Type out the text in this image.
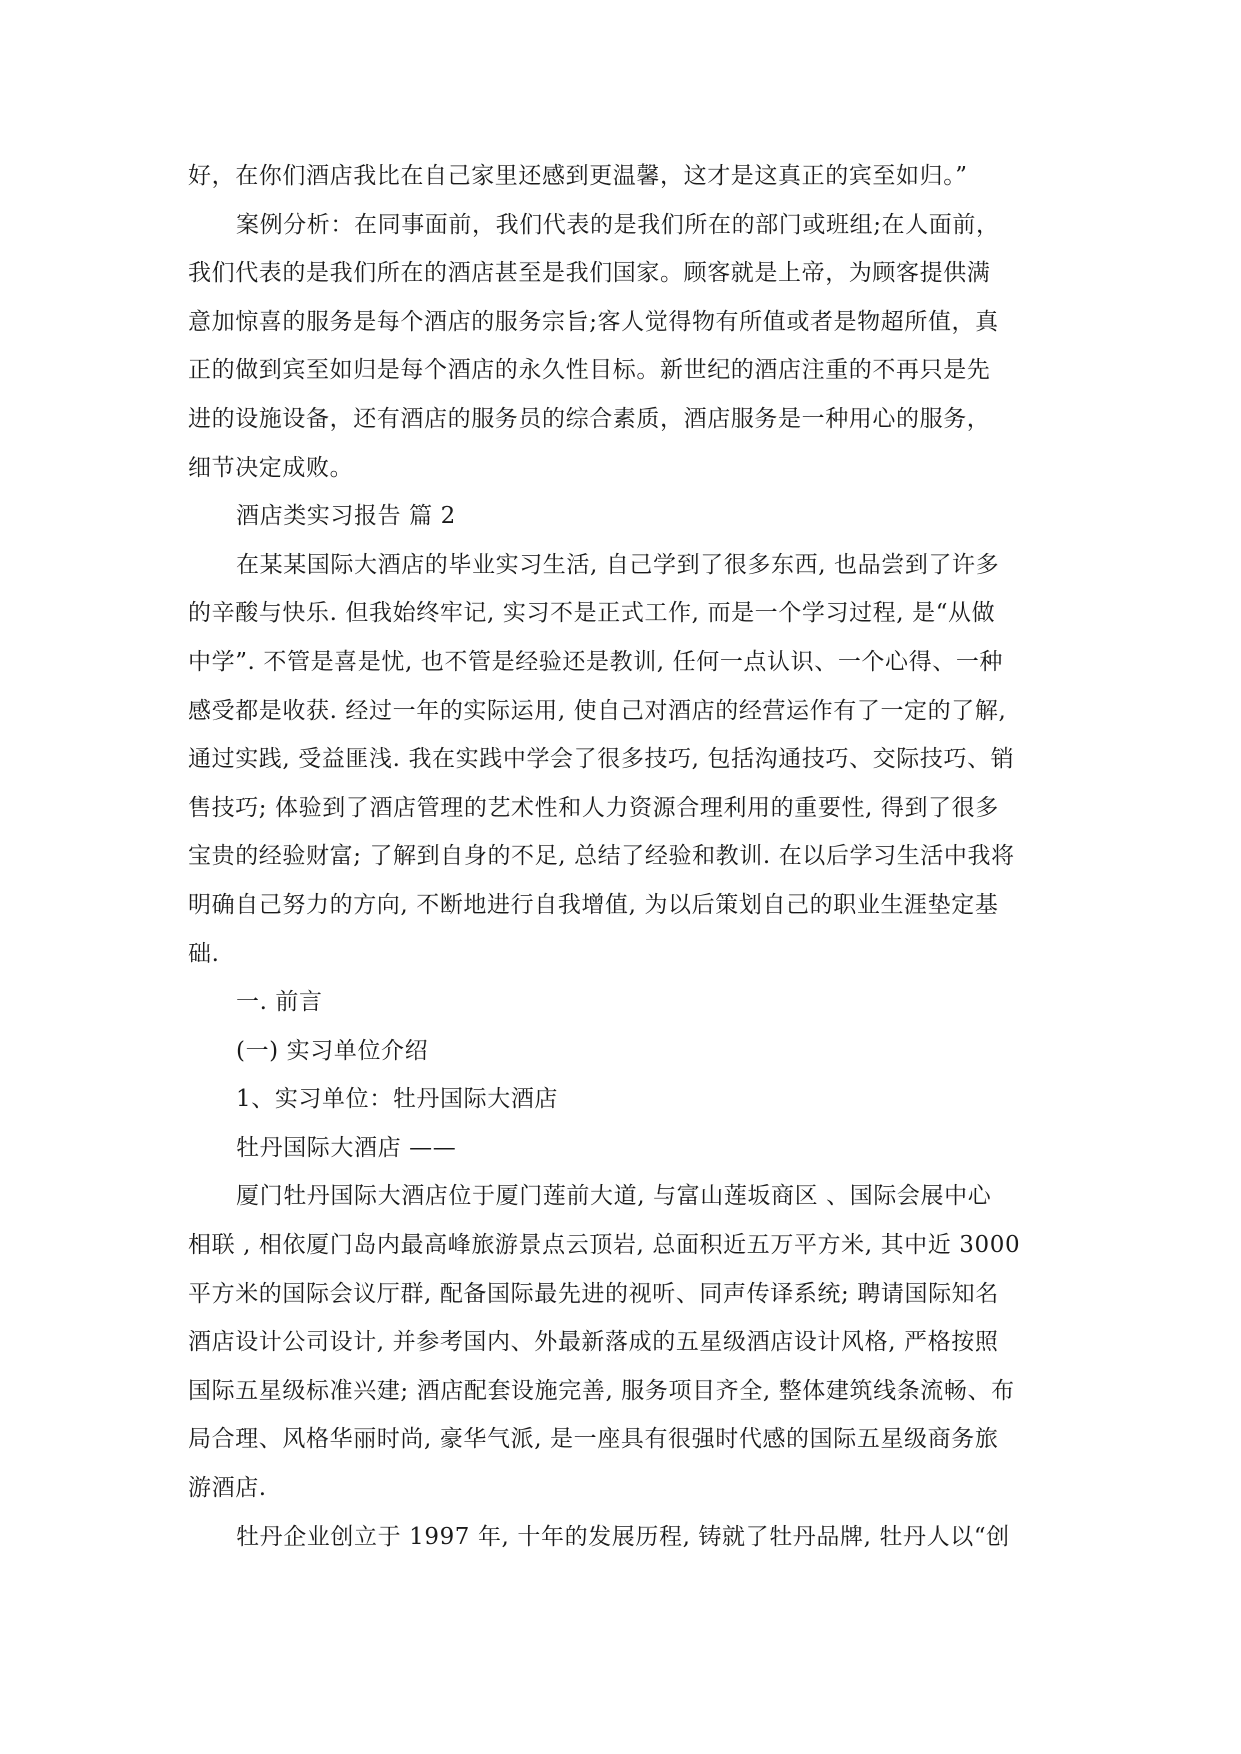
好，在你们酒店我比在自己家里还感到更温馨，这才是这真正的宾至如归。”
案例分析：在同事面前，我们代表的是我们所在的部门或班组;在人面前，
我们代表的是我们所在的酒店甚至是我们国家。顾客就是上帝，为顾客提供满
意加惊喜的服务是每个酒店的服务宗旨;客人觉得物有所值或者是物超所值，真
正的做到宾至如归是每个酒店的永久性目标。新世纪的酒店注重的不再只是先
进的设施设备，还有酒店的服务员的综合素质，酒店服务是一种用心的服务，
细节决定成败。
酒店类实习报告 篇 2
在某某国际大酒店的毕业实习生活, 自己学到了很多东西, 也品尝到了许多
的辛酸与快乐. 但我始终牢记, 实习不是正式工作, 而是一个学习过程, 是“从做
中学”. 不管是喜是忧, 也不管是经验还是教训, 任何一点认识、一个心得、一种
感受都是收获. 经过一年的实际运用, 使自己对酒店的经营运作有了一定的了解,
通过实践, 受益匪浅. 我在实践中学会了很多技巧, 包括沟通技巧、交际技巧、销
售技巧; 体验到了酒店管理的艺术性和人力资源合理利用的重要性, 得到了很多
宝贵的经验财富; 了解到自身的不足, 总结了经验和教训. 在以后学习生活中我将
明确自己努力的方向, 不断地进行自我增值, 为以后策划自己的职业生涯垫定基
础.
一. 前言
(一) 实习单位介绍
1、实习单位：牡丹国际大酒店
牡丹国际大酒店 ——
厦门牡丹国际大酒店位于厦门莲前大道, 与富山莲坂商区 、国际会展中心
相联 , 相依厦门岛内最高峰旅游景点云顶岩, 总面积近五万平方米, 其中近 3000
平方米的国际会议厅群, 配备国际最先进的视听、同声传译系统; 聘请国际知名
酒店设计公司设计, 并参考国内、外最新落成的五星级酒店设计风格, 严格按照
国际五星级标准兴建; 酒店配套设施完善, 服务项目齐全, 整体建筑线条流畅、布
局合理、风格华丽时尚, 豪华气派, 是一座具有很强时代感的国际五星级商务旅
游酒店.
牡丹企业创立于 1997 年, 十年的发展历程, 铸就了牡丹品牌, 牡丹人以“创
